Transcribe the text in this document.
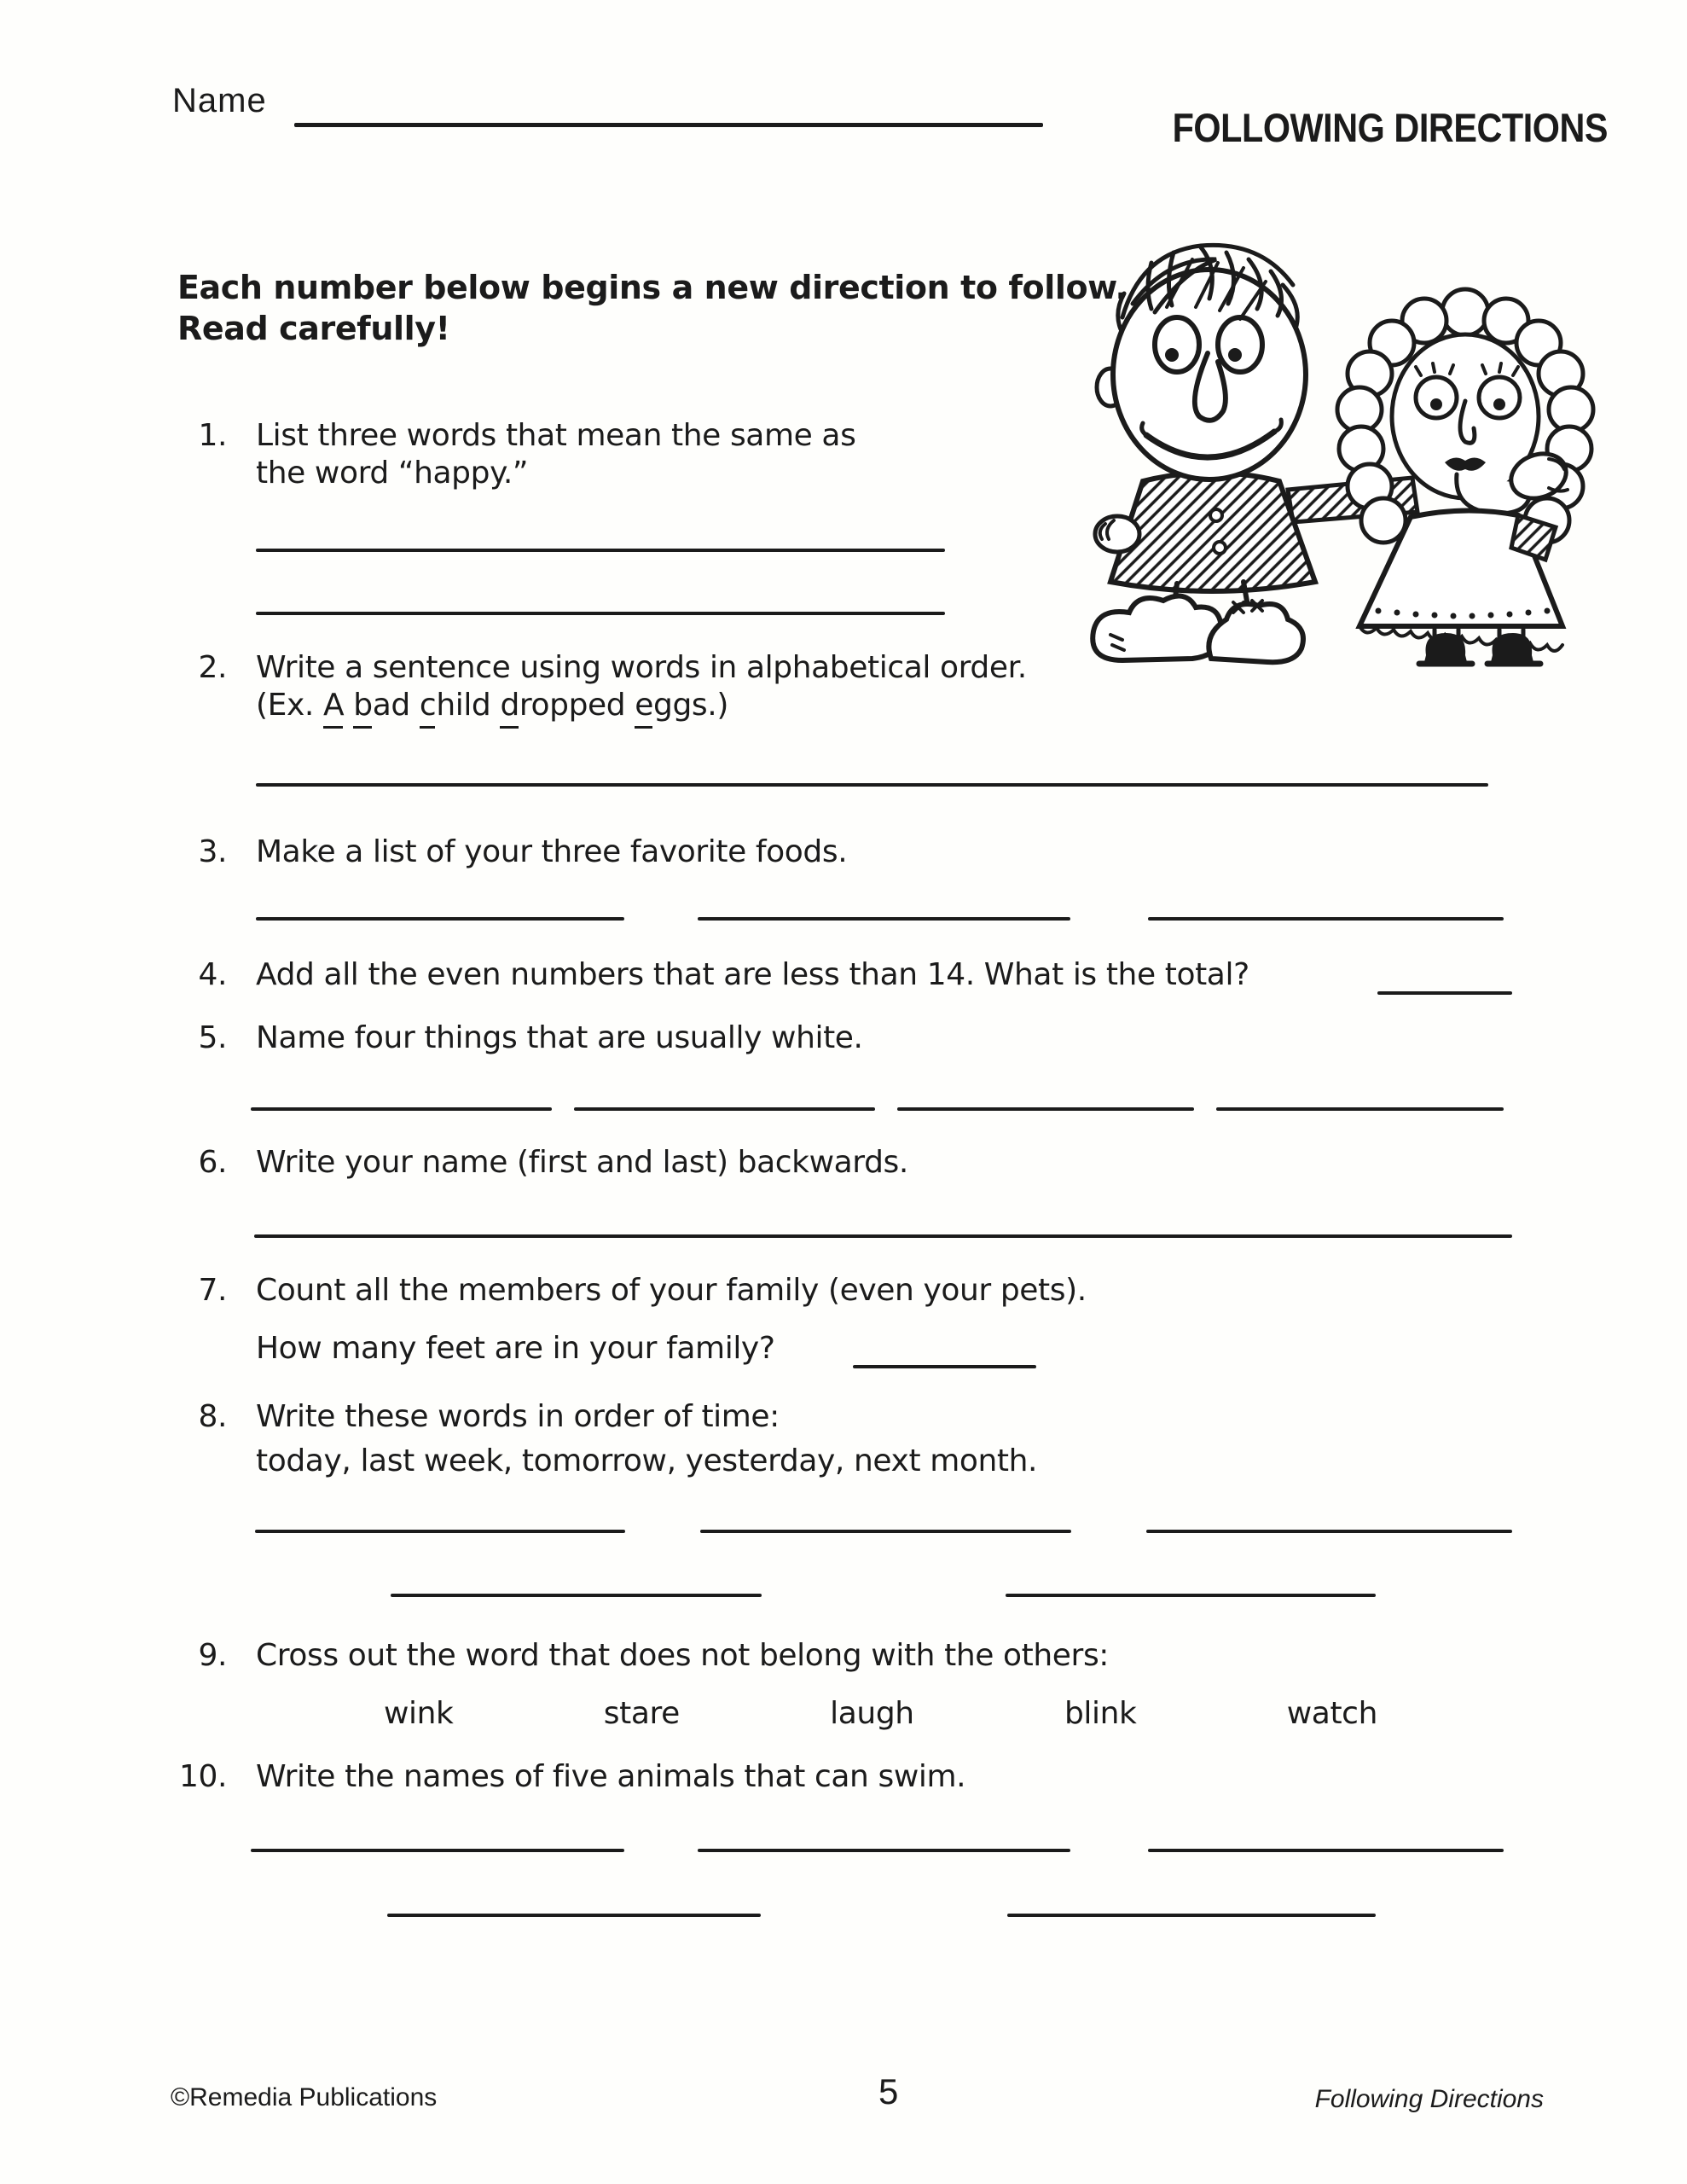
Name
FOLLOWING DIRECTIONS
Each number below begins a new direction to follow.
Read carefully!
1. List three words that mean the same as
the word “happy.”
2. Write a sentence using words in alphabetical order.
(Ex. A bad child dropped eggs.)
3. Make a list of your three favorite foods.
4. Add all the even numbers that are less than 14. What is the total?
5. Name four things that are usually white.
6. Write your name (first and last) backwards.
7. Count all the members of your family (even your pets).
How many feet are in your family?
8. Write these words in order of time:
today, last week, tomorrow, yesterday, next month.
9. Cross out the word that does not belong with the others:
wink	stare	laugh	blink	watch
10. Write the names of five animals that can swim.
©Remedia Publications	5	Following Directions
